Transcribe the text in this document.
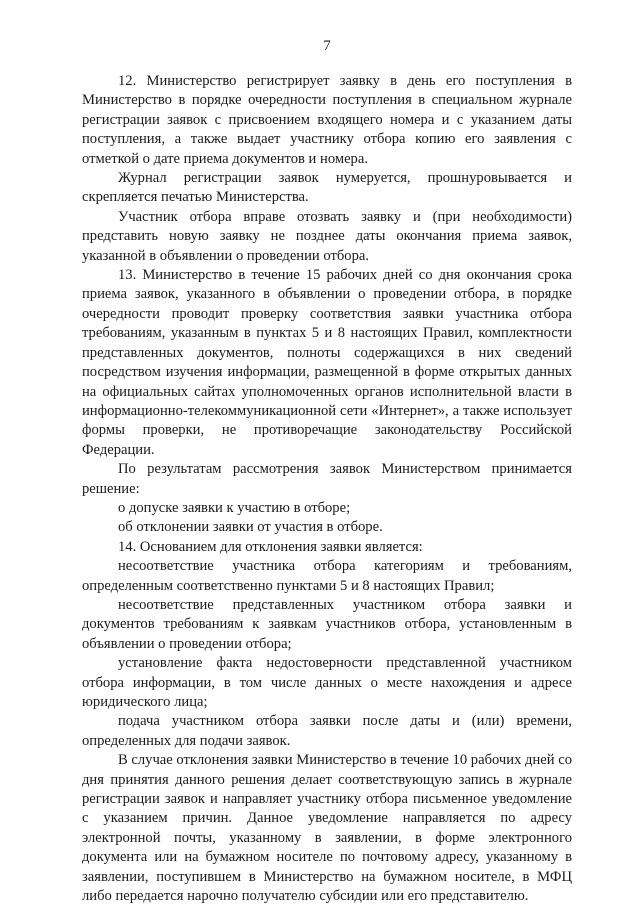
7

12. Министерство регистрирует заявку в день его поступления в Министерство в порядке очередности поступления в специальном журнале регистрации заявок с присвоением входящего номера и с указанием даты поступления, а также выдает участнику отбора копию его заявления с отметкой о дате приема документов и номера.

Журнал регистрации заявок нумеруется, прошнуровывается и скрепляется печатью Министерства.

Участник отбора вправе отозвать заявку и (при необходимости) представить новую заявку не позднее даты окончания приема заявок, указанной в объявлении о проведении отбора.

13. Министерство в течение 15 рабочих дней со дня окончания срока приема заявок, указанного в объявлении о проведении отбора, в порядке очередности проводит проверку соответствия заявки участника отбора требованиям, указанным в пунктах 5 и 8 настоящих Правил, комплектности представленных документов, полноты содержащихся в них сведений посредством изучения информации, размещенной в форме открытых данных на официальных сайтах уполномоченных органов исполнительной власти в информационно-телекоммуникационной сети «Интернет», а также использует формы проверки, не противоречащие законодательству Российской Федерации.

По результатам рассмотрения заявок Министерством принимается решение:

о допуске заявки к участию в отборе;

об отклонении заявки от участия в отборе.

14. Основанием для отклонения заявки является:

несоответствие участника отбора категориям и требованиям, определенным соответственно пунктами 5 и 8 настоящих Правил;

несоответствие представленных участником отбора заявки и документов требованиям к заявкам участников отбора, установленным в объявлении о проведении отбора;

установление факта недостоверности представленной участником отбора информации, в том числе данных о месте нахождения и адресе юридического лица;

подача участником отбора заявки после даты и (или) времени, определенных для подачи заявок.

В случае отклонения заявки Министерство в течение 10 рабочих дней со дня принятия данного решения делает соответствующую запись в журнале регистрации заявок и направляет участнику отбора письменное уведомление с указанием причин. Данное уведомление направляется по адресу электронной почты, указанному в заявлении, в форме электронного документа или на бумажном носителе по почтовому адресу, указанному в заявлении, поступившем в Министерство на бумажном носителе, в МФЦ либо передается нарочно получателю субсидии или его представителю.
